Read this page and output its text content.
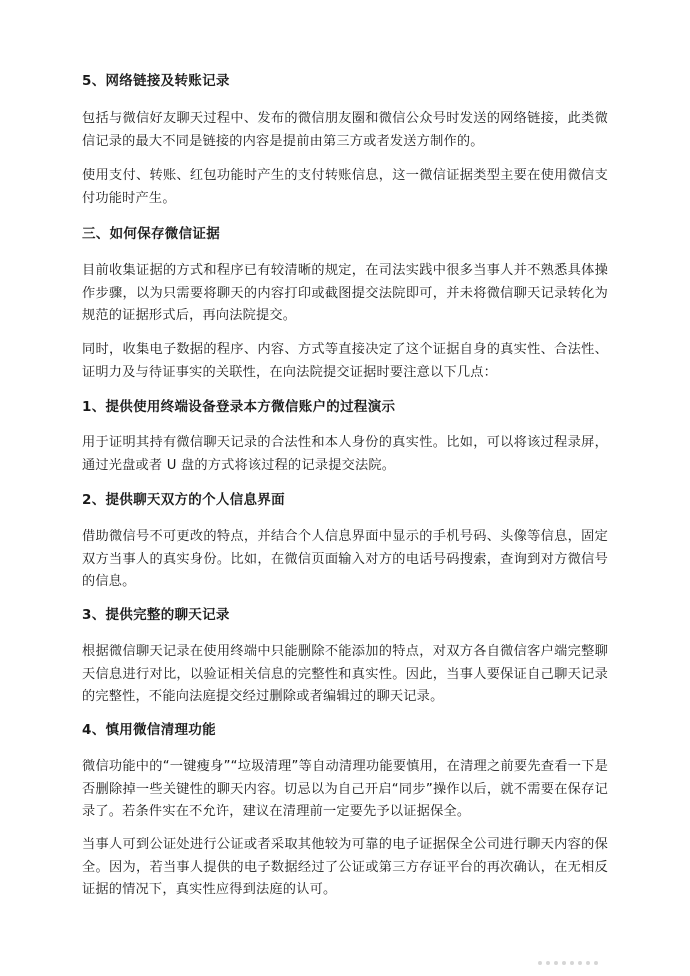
5、网络链接及转账记录
包括与微信好友聊天过程中、发布的微信朋友圈和微信公众号时发送的网络链接，此类微信记录的最大不同是链接的内容是提前由第三方或者发送方制作的。
使用支付、转账、红包功能时产生的支付转账信息，这一微信证据类型主要在使用微信支付功能时产生。
三、如何保存微信证据
目前收集证据的方式和程序已有较清晰的规定，在司法实践中很多当事人并不熟悉具体操作步骤，以为只需要将聊天的内容打印或截图提交法院即可，并未将微信聊天记录转化为规范的证据形式后，再向法院提交。
同时，收集电子数据的程序、内容、方式等直接决定了这个证据自身的真实性、合法性、证明力及与待证事实的关联性，在向法院提交证据时要注意以下几点：
1、提供使用终端设备登录本方微信账户的过程演示
用于证明其持有微信聊天记录的合法性和本人身份的真实性。比如，可以将该过程录屏，通过光盘或者 U 盘的方式将该过程的记录提交法院。
2、提供聊天双方的个人信息界面
借助微信号不可更改的特点，并结合个人信息界面中显示的手机号码、头像等信息，固定双方当事人的真实身份。比如，在微信页面输入对方的电话号码搜索，查询到对方微信号的信息。
3、提供完整的聊天记录
根据微信聊天记录在使用终端中只能删除不能添加的特点，对双方各自微信客户端完整聊天信息进行对比，以验证相关信息的完整性和真实性。因此，当事人要保证自己聊天记录的完整性，不能向法庭提交经过删除或者编辑过的聊天记录。
4、慎用微信清理功能
微信功能中的“一键瘦身”“垃圾清理”等自动清理功能要慎用，在清理之前要先查看一下是否删除掉一些关键性的聊天内容。切忌以为自己开启“同步”操作以后，就不需要在保存记录了。若条件实在不允许，建议在清理前一定要先予以证据保全。
当事人可到公证处进行公证或者采取其他较为可靠的电子证据保全公司进行聊天内容的保全。因为，若当事人提供的电子数据经过了公证或第三方存证平台的再次确认，在无相反证据的情况下，真实性应得到法庭的认可。
